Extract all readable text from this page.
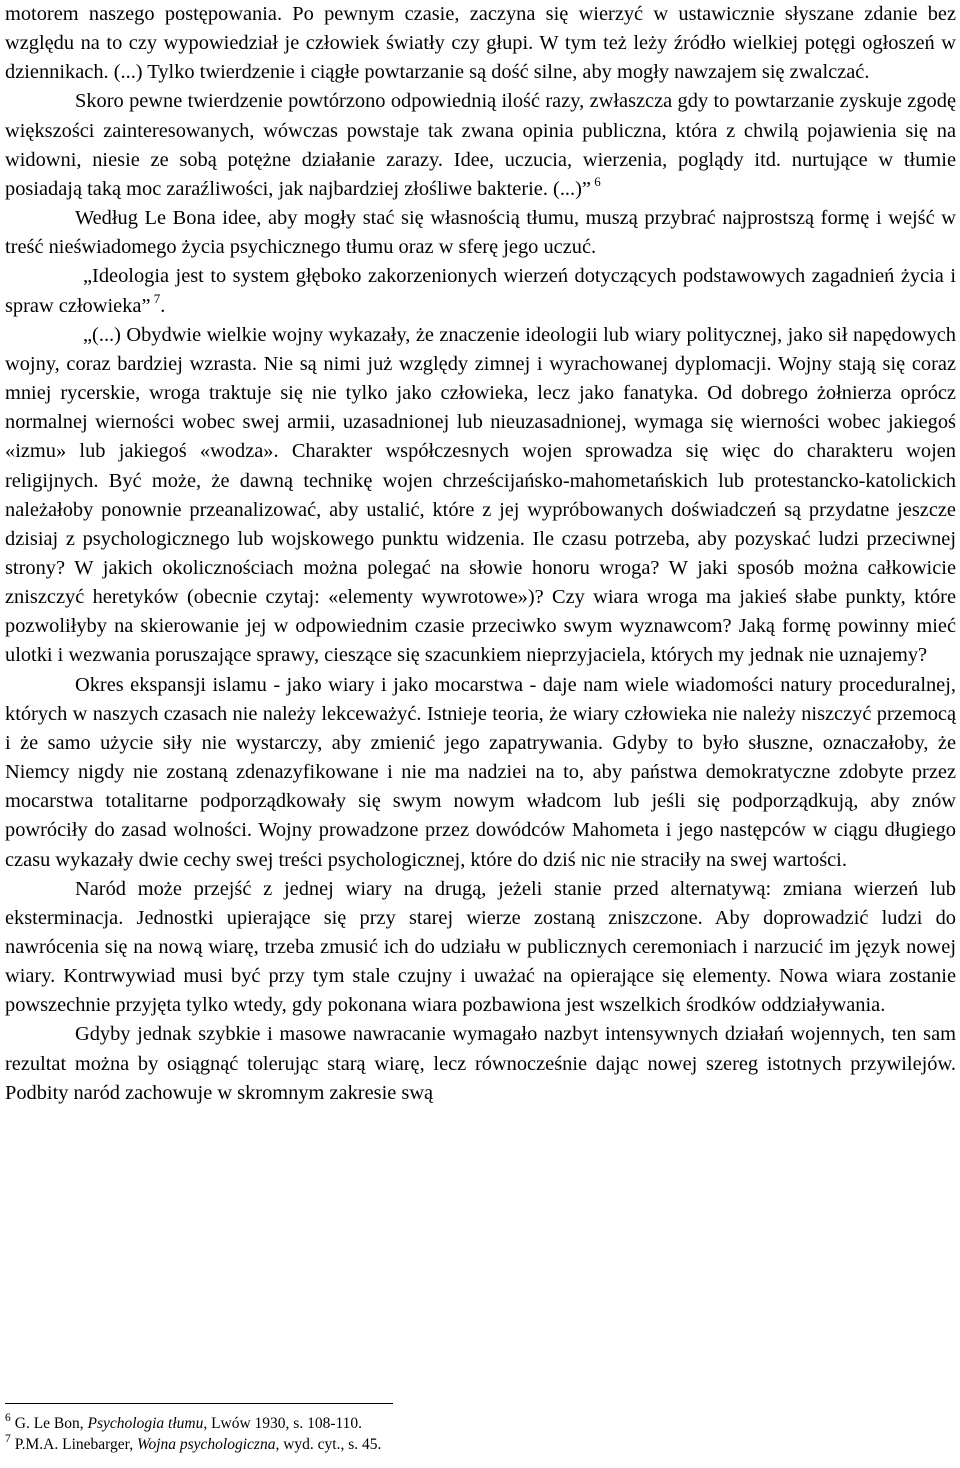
motorem naszego postępowania. Po pewnym czasie, zaczyna się wierzyć w ustawicznie słyszane zdanie bez względu na to czy wypowiedział je człowiek światły czy głupi. W tym też leży źródło wielkiej potęgi ogłoszeń w dziennikach. (...) Tylko twierdzenie i ciągłe powtarzanie są dość silne, aby mogły nawzajem się zwalczać.

Skoro pewne twierdzenie powtórzono odpowiednią ilość razy, zwłaszcza gdy to powtarzanie zyskuje zgodę większości zainteresowanych, wówczas powstaje tak zwana opinia publiczna, która z chwilą pojawienia się na widowni, niesie ze sobą potężne działanie zarazy. Idee, uczucia, wierzenia, poglądy itd. nurtujące w tłumie posiadają taką moc zaraźliwości, jak najbardziej złośliwe bakterie. (...)” $^6$

Według Le Bona idee, aby mogły stać się własnością tłumu, muszą przybrać najprostszą formę i wejść w treść nieświadomego życia psychicznego tłumu oraz w sferę jego uczuć.

„Ideologia jest to system głęboko zakorzenionych wierzeń dotyczących podstawowych zagadnień życia i spraw człowieka” $^7$.

„(...) Obydwie wielkie wojny wykazały, że znaczenie ideologii lub wiary politycznej, jako sił napędowych wojny, coraz bardziej wzrasta. Nie są nimi już względy zimnej i wyrachowanej dyplomacji. Wojny stają się coraz mniej rycerskie, wroga traktuje się nie tylko jako człowieka, lecz jako fanatyka. Od dobrego żołnierza oprócz normalnej wierności wobec swej armii, uzasadnionej lub nieuzasadnionej, wymaga się wierności wobec jakiegoś «izmu» lub jakiegoś «wodza». Charakter współczesnych wojen sprowadza się więc do charakteru wojen religijnych. Być może, że dawną technikę wojen chrześcijańsko-mahometańskich lub protestancko-katolickich należałoby ponownie przeanalizować, aby ustalić, które z jej wypróbowanych doświadczeń są przydatne jeszcze dzisiaj z psychologicznego lub wojskowego punktu widzenia. Ile czasu potrzeba, aby pozyskać ludzi przeciwnej strony? W jakich okolicznościach można polegać na słowie honoru wroga? W jaki sposób można całkowicie zniszczyć heretyków (obecnie czytaj: «elementy wywrotowe»)? Czy wiara wroga ma jakieś słabe punkty, które pozwoliłyby na skierowanie jej w odpowiednim czasie przeciwko swym wyznawcom? Jaką formę powinny mieć ulotki i wezwania poruszające sprawy, cieszące się szacunkiem nieprzyjaciela, których my jednak nie uznajemy?

Okres ekspansji islamu - jako wiary i jako mocarstwa - daje nam wiele wiadomości natury proceduralnej, których w naszych czasach nie należy lekceważyć. Istnieje teoria, że wiary człowieka nie należy niszczyć przemocą i że samo użycie siły nie wystarczy, aby zmienić jego zapatrywania. Gdyby to było słuszne, oznaczałoby, że Niemcy nigdy nie zostaną zdenazyfikowane i nie ma nadziei na to, aby państwa demokratyczne zdobyte przez mocarstwa totalitarne podporządkowały się swym nowym władcom lub jeśli się podporządkują, aby znów powróciły do zasad wolności. Wojny prowadzone przez dowódców Mahometa i jego następców w ciągu długiego czasu wykazały dwie cechy swej treści psychologicznej, które do dziś nic nie straciły na swej wartości.

Naród może przejść z jednej wiary na drugą, jeżeli stanie przed alternatywą: zmiana wierzeń lub eksterminacja. Jednostki upierające się przy starej wierze zostaną zniszczone. Aby doprowadzić ludzi do nawrócenia się na nową wiarę, trzeba zmusić ich do udziału w publicznych ceremoniach i narzucić im język nowej wiary. Kontrwywiad musi być przy tym stale czujny i uważać na opierające się elementy. Nowa wiara zostanie powszechnie przyjęta tylko wtedy, gdy pokonana wiara pozbawiona jest wszelkich środków oddziaływania.

Gdyby jednak szybkie i masowe nawracanie wymagało nazbyt intensywnych działań wojennych, ten sam rezultat można by osiągnąć tolerując starą wiarę, lecz równocześnie dając nowej szereg istotnych przywilejów. Podbity naród zachowuje w skromnym zakresie swą

$^6$ G. Le Bon, Psychologia tłumu, Lwów 1930, s. 108-110.

$^7$ P.M.A. Linebarger, Wojna psychologiczna, wyd. cyt., s. 45.
